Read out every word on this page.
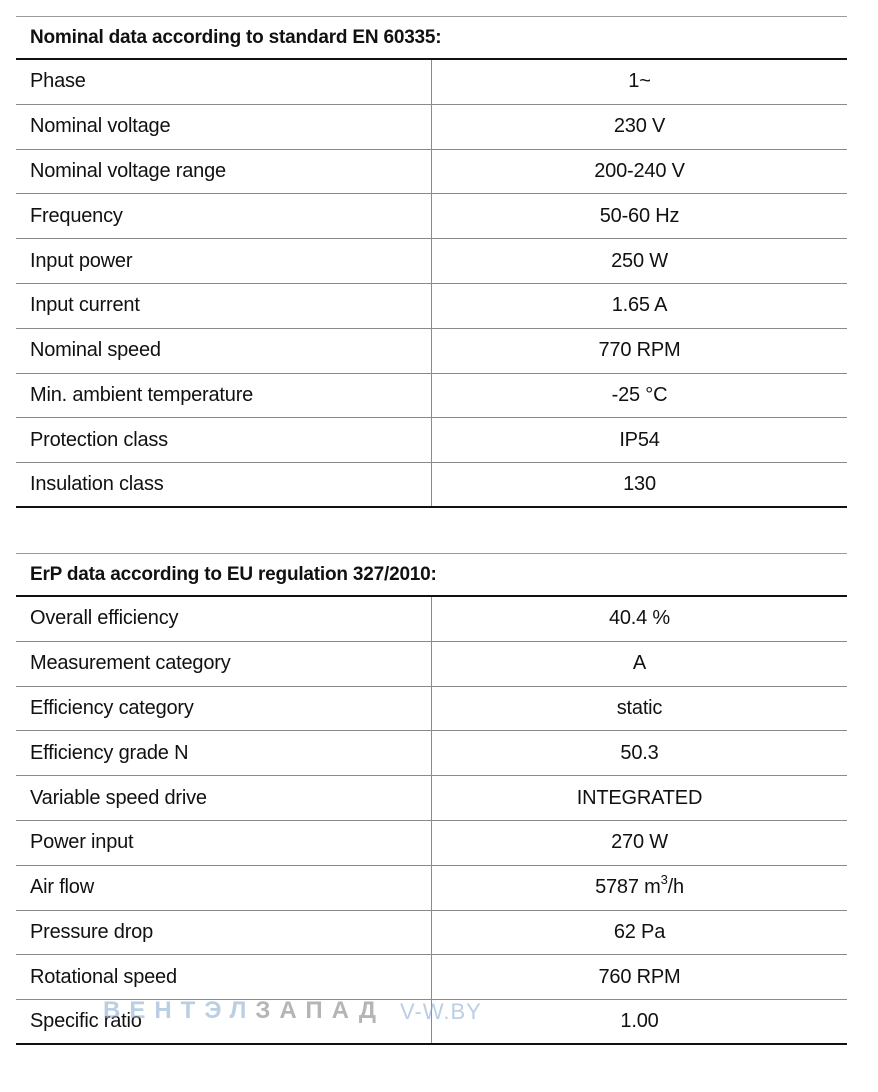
Nominal data according to standard EN 60335:
Phase	1~
Nominal voltage	230 V
Nominal voltage range	200-240 V
Frequency	50-60 Hz
Input power	250 W
Input current	1.65 A
Nominal speed	770 RPM
Min. ambient temperature	-25 °C
Protection class	IP54
Insulation class	130
ErP data according to EU regulation 327/2010:
Overall efficiency	40.4 %
Measurement category	A
Efficiency category	static
Efficiency grade N	50.3
Variable speed drive	INTEGRATED
Power input	270 W
Air flow	5787 m 3 /h
Pressure drop	62 Pa
Rotational speed	760 RPM
Specific ratio	1.00
ВЕНТЭЛЗАПАД V-W.BY
